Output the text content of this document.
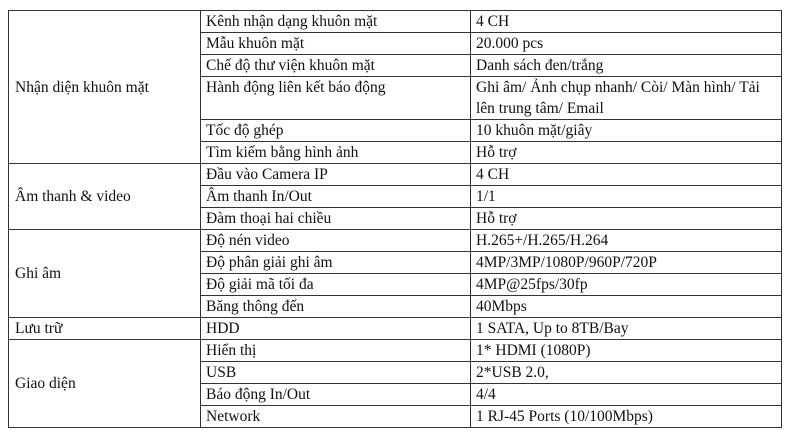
Nhận diện khuôn mặt	Kênh nhận dạng khuôn mặt	4 CH
	Mẫu khuôn mặt	20.000 pcs
	Chế độ thư viện khuôn mặt	Danh sách đen/trắng
	Hành động liên kết báo động	Ghi âm/ Ảnh chụp nhanh/ Còi/ Màn hình/ Tải lên trung tâm/ Email
	Tốc độ ghép	10 khuôn mặt/giây
	Tìm kiếm bằng hình ảnh	Hỗ trợ
Âm thanh & video	Đầu vào Camera IP	4 CH
	Âm thanh In/Out	1/1
	Đàm thoại hai chiều	Hỗ trợ
Ghi âm	Độ nén video	H.265+/H.265/H.264
	Độ phân giải ghi âm	4MP/3MP/1080P/960P/720P
	Độ giải mã tối đa	4MP@25fps/30fp
	Băng thông đến	40Mbps
Lưu trữ	HDD	1 SATA, Up to 8TB/Bay
Giao diện	Hiển thị	1* HDMI (1080P)
	USB	2*USB 2.0,
	Báo động In/Out	4/4
	Network	1 RJ-45 Ports (10/100Mbps)
